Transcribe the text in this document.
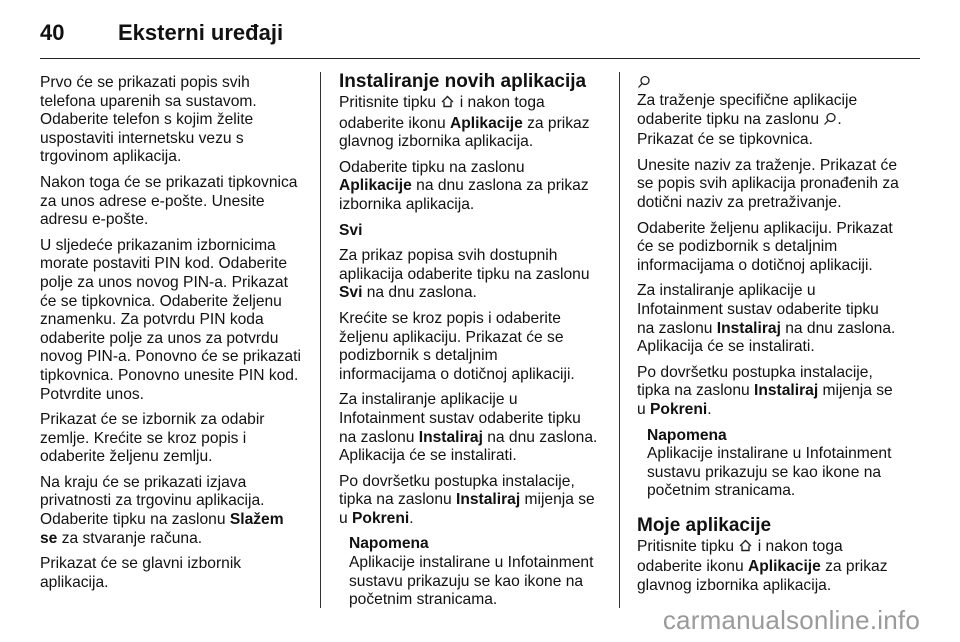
40	Eksterni uređaji

Prvo će se prikazati popis svih
telefona uparenih sa sustavom.
Odaberite telefon s kojim želite
uspostaviti internetsku vezu s
trgovinom aplikacija.

Nakon toga će se prikazati tipkovnica
za unos adrese e-pošte. Unesite
adresu e-pošte.

U sljedeće prikazanim izbornicima
morate postaviti PIN kod. Odaberite
polje za unos novog PIN-a. Prikazat
će se tipkovnica. Odaberite željenu
znamenku. Za potvrdu PIN koda
odaberite polje za unos za potvrdu
novog PIN-a. Ponovno će se prikazati
tipkovnica. Ponovno unesite PIN kod.
Potvrdite unos.

Prikazat će se izbornik za odabir
zemlje. Krećite se kroz popis i
odaberite željenu zemlju.

Na kraju će se prikazati izjava
privatnosti za trgovinu aplikacija.
Odaberite tipku na zaslonu Slažem
se za stvaranje računa.

Prikazat će se glavni izbornik
aplikacija.

Instaliranje novih aplikacija

Pritisnite tipku  i nakon toga
odaberite ikonu Aplikacije za prikaz
glavnog izbornika aplikacija.

Odaberite tipku na zaslonu
Aplikacije na dnu zaslona za prikaz
izbornika aplikacija.

Svi

Za prikaz popisa svih dostupnih
aplikacija odaberite tipku na zaslonu
Svi na dnu zaslona.

Krećite se kroz popis i odaberite
željenu aplikaciju. Prikazat će se
podizbornik s detaljnim
informacijama o dotičnoj aplikaciji.

Za instaliranje aplikacije u
Infotainment sustav odaberite tipku
na zaslonu Instaliraj na dnu zaslona.
Aplikacija će se instalirati.

Po dovršetku postupka instalacije,
tipka na zaslonu Instaliraj mijenja se
u Pokreni.

Napomena

Aplikacije instalirane u Infotainment
sustavu prikazuju se kao ikone na
početnim stranicama.

Za traženje specifične aplikacije
odaberite tipku na zaslonu .
Prikazat će se tipkovnica.

Unesite naziv za traženje. Prikazat će
se popis svih aplikacija pronađenih za
dotični naziv za pretraživanje.

Odaberite željenu aplikaciju. Prikazat
će se podizbornik s detaljnim
informacijama o dotičnoj aplikaciji.

Za instaliranje aplikacije u
Infotainment sustav odaberite tipku
na zaslonu Instaliraj na dnu zaslona.
Aplikacija će se instalirati.

Po dovršetku postupka instalacije,
tipka na zaslonu Instaliraj mijenja se
u Pokreni.

Napomena

Aplikacije instalirane u Infotainment
sustavu prikazuju se kao ikone na
početnim stranicama.

Moje aplikacije

Pritisnite tipku  i nakon toga
odaberite ikonu Aplikacije za prikaz
glavnog izbornika aplikacija.

carmanualsonline.info
